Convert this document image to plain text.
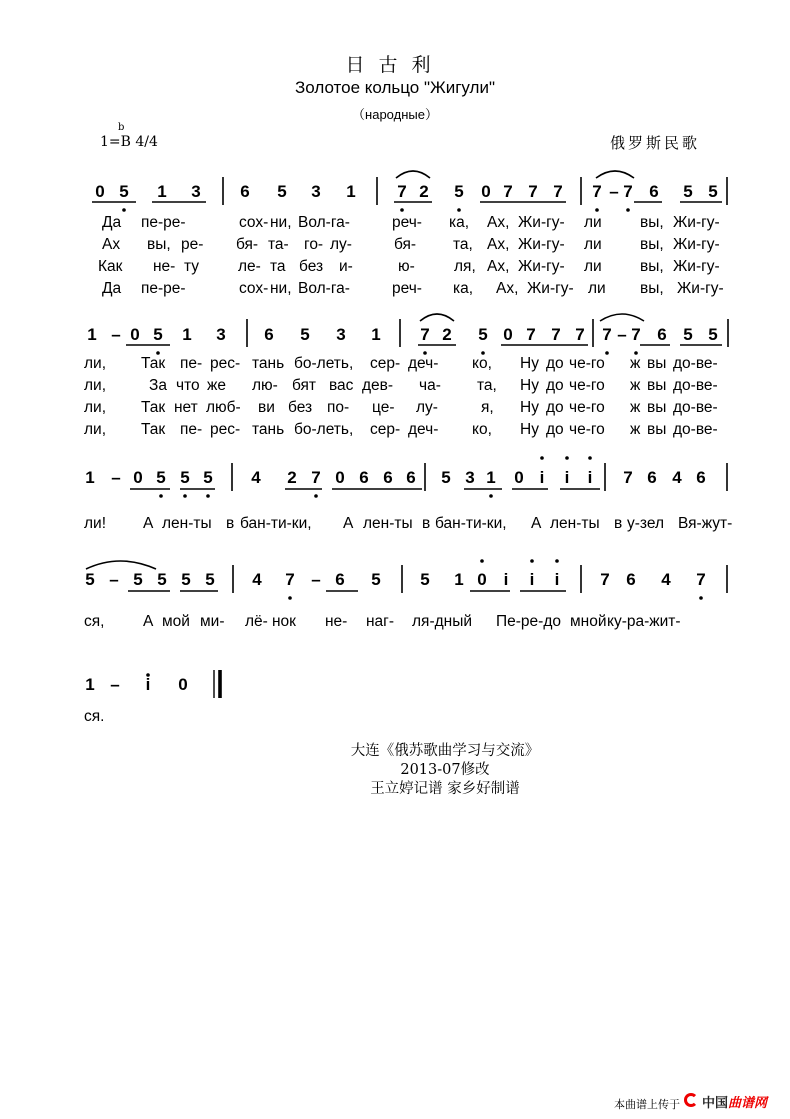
日古利
Золотое кольцо "Жигули"
（народные）
b
1=B 4/4	俄罗斯民歌
0 5 1 3 6 5 3 1 7 2 5 0 7 7 7 7 – 7 6 5 5
Да пе-ре-	сох- ни, Вол-га-	реч- ка, Ах, Жи-гу- ли вы, Жи-гу-
Ах вы, ре- бя- та- го- лу-	бя- та, Ах, Жи-гу- ли вы, Жи-гу-
Как не- ту	ле- та без и-	ю-	ля, Ах, Жи-гу- ли вы, Жи-гу-
Да пе-ре-	сох- ни, Вол-га-	реч- ка, Ах, Жи-гу- ли вы, Жи-гу-
1 – 0 5 1 3 6 5 3 1 7 2 5 0 7 7 7 7 – 7 6 5 5
ли, Так пе- рес- тань бо-леть, сер- деч- ко, Ну до че-го ж вы до-ве-
ли,	За что же лю- бят вас дев- ча- та, Ну до че-го ж вы до-ве-
ли, Так нет люб- ви без по- це- лу-	я, Ну до че-го ж вы до-ве-
ли, Так пе- рес- тань бо-леть, сер- деч- ко, Ну до че-го ж вы до-ве-
1 – 0 5 5 5 4 2 7 0 6 6 6 5 3 1 0 i i i 7 6 4 6
ли! А лен-ты в бан-ти-ки, А лен-ты в бан-ти-ки, А лен-ты в у-зел Вя-жут-
5 – 5 5 5 5 4 7 – 6 5 5 1 0 i i i 7 6 4 7
ся, А мой ми- лё- нок не- наг- ля-дный Пе-ре-до мной ку-ра-жит-
1 – i 0
ся.
大连《俄苏歌曲学习与交流》
2013-07修改
王立婷记谱 家乡好制谱
本曲谱上传于 中国曲谱网
